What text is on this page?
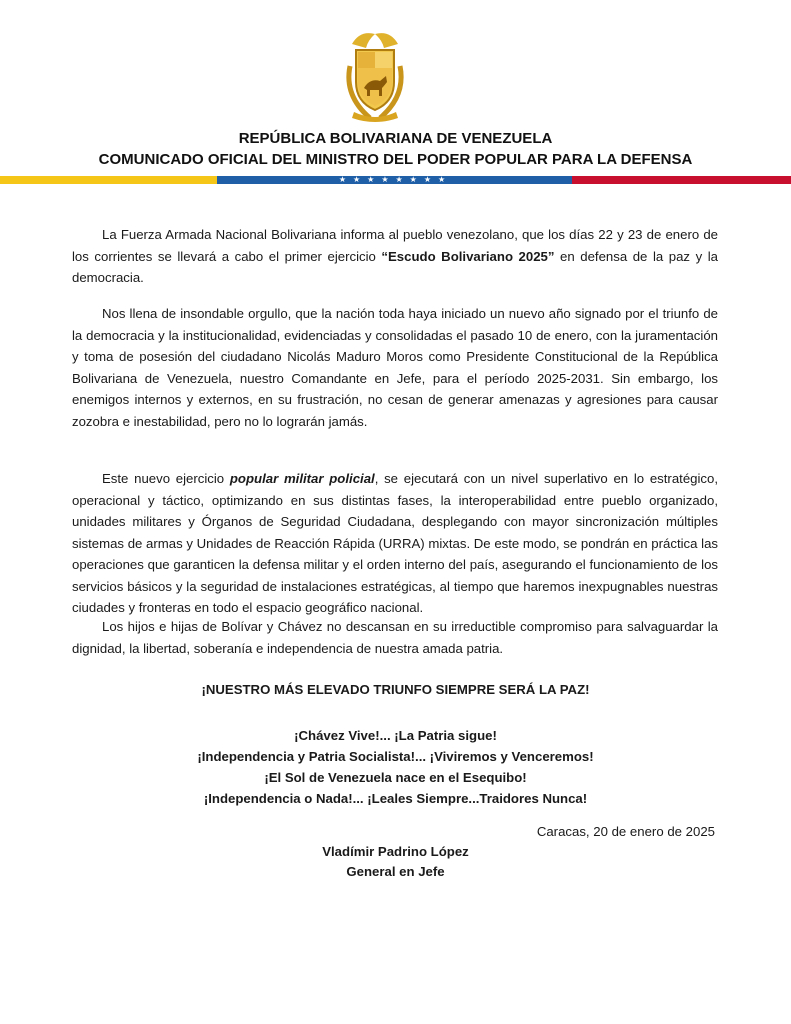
REPÚBLICA BOLIVARIANA DE VENEZUELA
COMUNICADO OFICIAL DEL MINISTRO DEL PODER POPULAR PARA LA DEFENSA
★★★★★★★★
La Fuerza Armada Nacional Bolivariana informa al pueblo venezolano, que los días 22 y 23 de enero de los corrientes se llevará a cabo el primer ejercicio “Escudo Bolivariano 2025” en defensa de la paz y la democracia.
Nos llena de insondable orgullo, que la nación toda haya iniciado un nuevo año signado por el triunfo de la democracia y la institucionalidad, evidenciadas y consolidadas el pasado 10 de enero, con la juramentación y toma de posesión del ciudadano Nicolás Maduro Moros como Presidente Constitucional de la República Bolivariana de Venezuela, nuestro Comandante en Jefe, para el período 2025-2031. Sin embargo, los enemigos internos y externos, en su frustración, no cesan de generar amenazas y agresiones para causar zozobra e inestabilidad, pero no lo lograrán jamás.
Este nuevo ejercicio popular militar policial, se ejecutará con un nivel superlativo en lo estratégico, operacional y táctico, optimizando en sus distintas fases, la interoperabilidad entre pueblo organizado, unidades militares y Órganos de Seguridad Ciudadana, desplegando con mayor sincronización múltiples sistemas de armas y Unidades de Reacción Rápida (URRA) mixtas. De este modo, se pondrán en práctica las operaciones que garanticen la defensa militar y el orden interno del país, asegurando el funcionamiento de los servicios básicos y la seguridad de instalaciones estratégicas, al tiempo que haremos inexpugnables nuestras ciudades y fronteras en todo el espacio geográfico nacional.
Los hijos e hijas de Bolívar y Chávez no descansan en su irreductible compromiso para salvaguardar la dignidad, la libertad, soberanía e independencia de nuestra amada patria.
¡NUESTRO MÁS ELEVADO TRIUNFO SIEMPRE SERÁ LA PAZ!
¡Chávez Vive!... ¡La Patria sigue!
¡Independencia y Patria Socialista!... ¡Viviremos y Venceremos!
¡El Sol de Venezuela nace en el Esequibo!
¡Independencia o Nada!... ¡Leales Siempre...Traidores Nunca!
Caracas, 20 de enero de 2025
Vladímir Padrino López
General en Jefe
